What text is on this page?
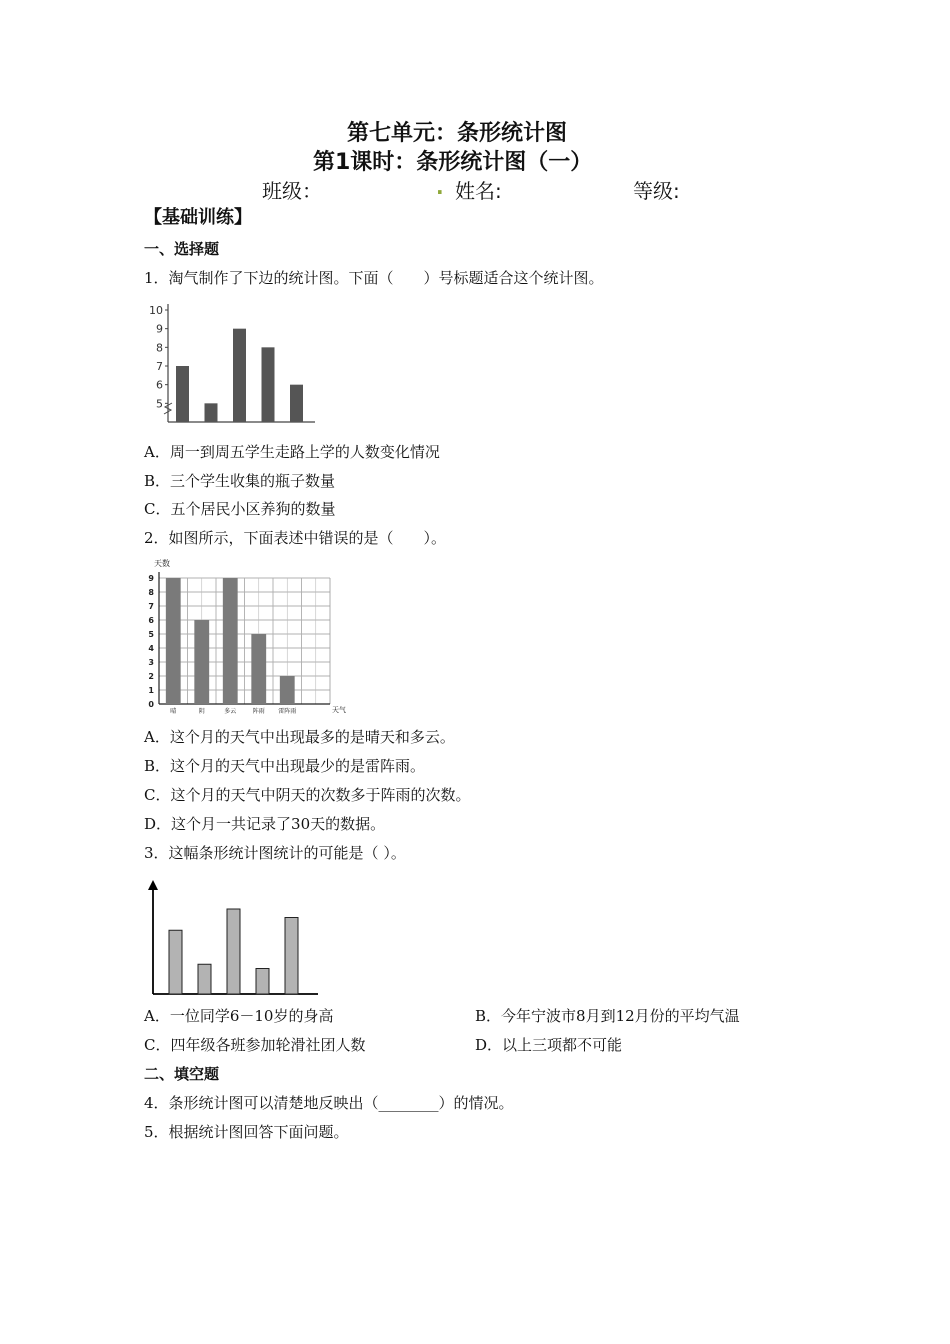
第七单元：条形统计图
第1课时：条形统计图（一）
班级：	. 姓名:	等级:
【基础训练】
一、选择题
1．淘气制作了下边的统计图。下面（　　）号标题适合这个统计图。
5
6
7
8
9
10
A．周一到周五学生走路上学的人数变化情况
B．三个学生收集的瓶子数量
C．五个居民小区养狗的数量
2．如图所示，下面表述中错误的是（　　）。
天数
天气
0
1
2
3
4
5
6
7
8
9
晴	阴	多云	阵雨 雷阵雨
A．这个月的天气中出现最多的是晴天和多云。
B．这个月的天气中出现最少的是雷阵雨。
C．这个月的天气中阴天的次数多于阵雨的次数。
D．这个月一共记录了30天的数据。
3．这幅条形统计图统计的可能是（ ）。
A．一位同学6－10岁的身高	B．今年宁波市8月到12月份的平均气温
C．四年级各班参加轮滑社团人数	D．以上三项都不可能
二、填空题
4．条形统计图可以清楚地反映出（________）的情况。
5．根据统计图回答下面问题。
